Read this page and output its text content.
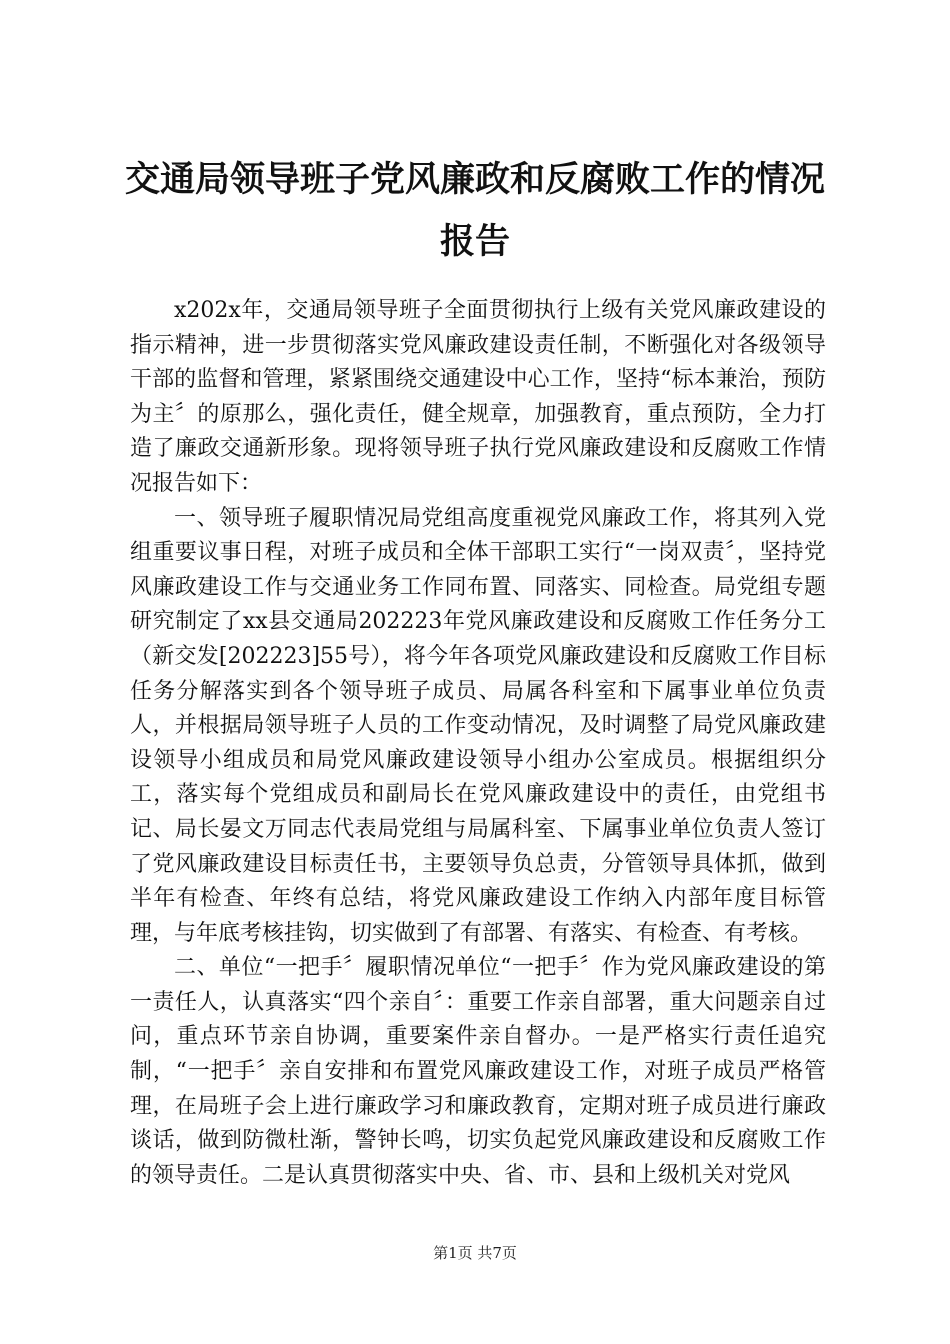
交通局领导班子党风廉政和反腐败工作的情况
报告

x202x年，交通局领导班子全面贯彻执行上级有关党风廉政建设的指示精神，进一步贯彻落实党风廉政建设责任制，不断强化对各级领导干部的监督和管理，紧紧围绕交通建设中心工作，坚持“标本兼治，预防为主〞的原那么，强化责任，健全规章，加强教育，重点预防，全力打造了廉政交通新形象。现将领导班子执行党风廉政建设和反腐败工作情况报告如下：

一、领导班子履职情况局党组高度重视党风廉政工作，将其列入党组重要议事日程，对班子成员和全体干部职工实行“一岗双责〞，坚持党风廉政建设工作与交通业务工作同布置、同落实、同检查。局党组专题研究制定了xx县交通局202223年党风廉政建设和反腐败工作任务分工（新交发[202223]55号），将今年各项党风廉政建设和反腐败工作目标任务分解落实到各个领导班子成员、局属各科室和下属事业单位负责人，并根据局领导班子人员的工作变动情况，及时调整了局党风廉政建设领导小组成员和局党风廉政建设领导小组办公室成员。根据组织分工，落实每个党组成员和副局长在党风廉政建设中的责任，由党组书记、局长晏文万同志代表局党组与局属科室、下属事业单位负责人签订了党风廉政建设目标责任书，主要领导负总责，分管领导具体抓，做到半年有检查、年终有总结，将党风廉政建设工作纳入内部年度目标管理，与年底考核挂钩，切实做到了有部署、有落实、有检查、有考核。

二、单位“一把手〞履职情况单位“一把手〞作为党风廉政建设的第一责任人，认真落实“四个亲自〞：重要工作亲自部署，重大问题亲自过问，重点环节亲自协调，重要案件亲自督办。一是严格实行责任追究制，“一把手〞亲自安排和布置党风廉政建设工作，对班子成员严格管理，在局班子会上进行廉政学习和廉政教育，定期对班子成员进行廉政谈话，做到防微杜渐，警钟长鸣，切实负起党风廉政建设和反腐败工作的领导责任。二是认真贯彻落实中央、省、市、县和上级机关对党风

第1页 共7页
